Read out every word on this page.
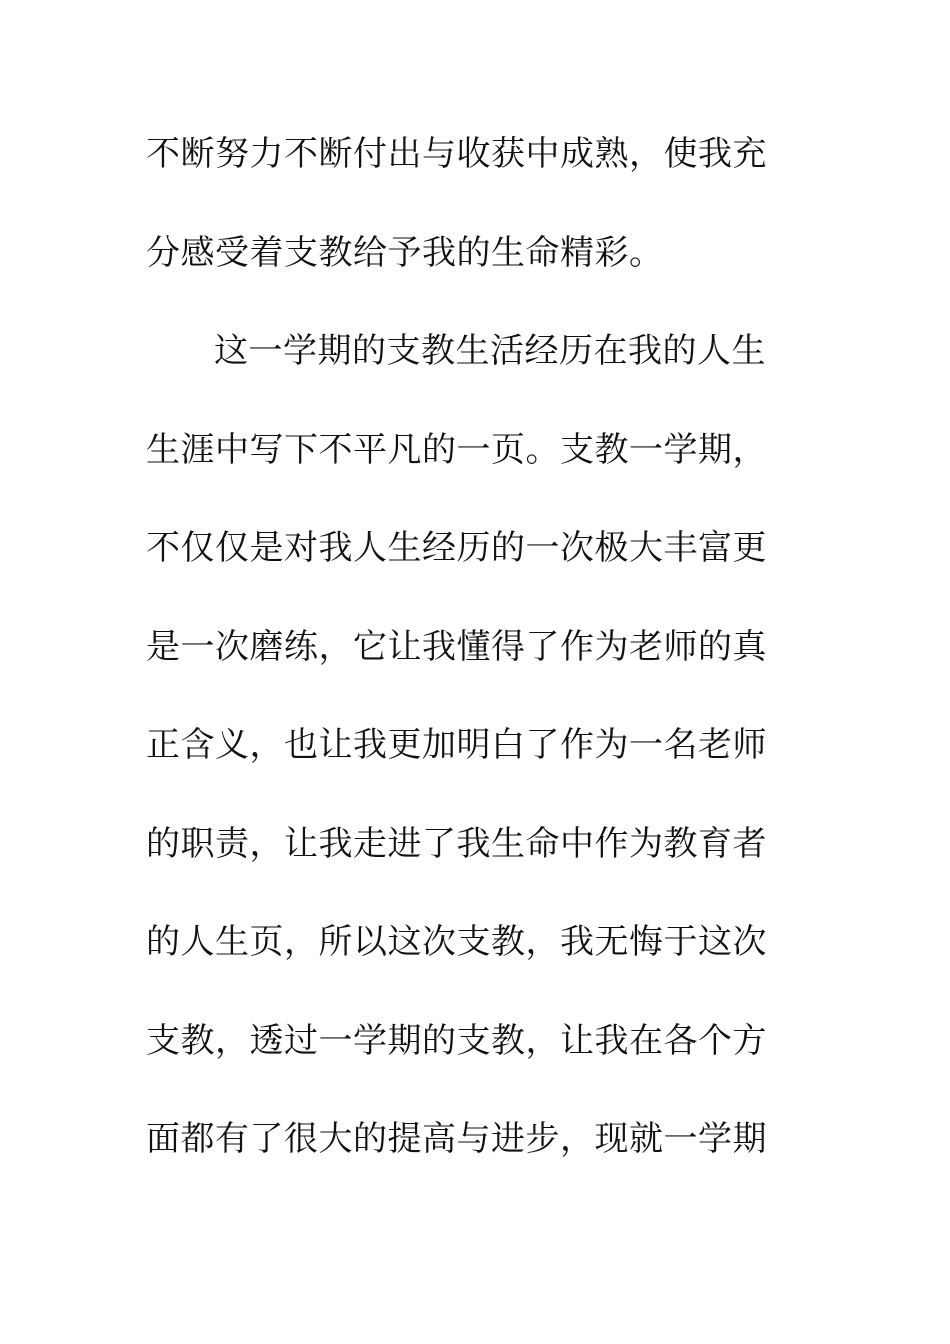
不断努力不断付出与收获中成熟，使我充
分感受着支教给予我的生命精彩。
这一学期的支教生活经历在我的人生
生涯中写下不平凡的一页。支教一学期，
不仅仅是对我人生经历的一次极大丰富更
是一次磨练，它让我懂得了作为老师的真
正含义，也让我更加明白了作为一名老师
的职责，让我走进了我生命中作为教育者
的人生页，所以这次支教，我无悔于这次
支教，透过一学期的支教，让我在各个方
面都有了很大的提高与进步，现就一学期
